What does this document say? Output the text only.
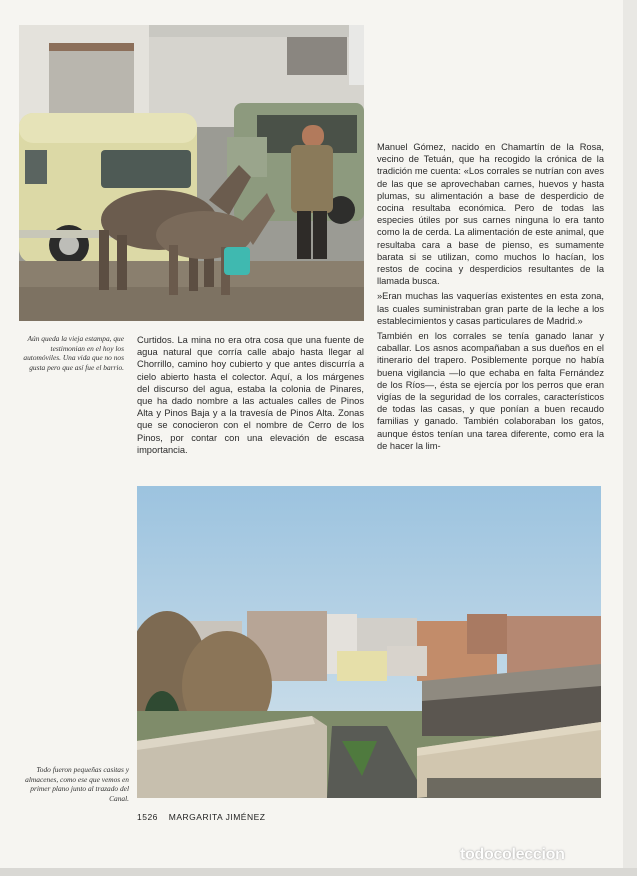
Aún queda la vieja estampa, que testimonian en el hoy los automóviles. Una vida que no nos gusta pero que así fue el barrio.

Curtidos. La mina no era otra cosa que una fuente de agua natural que corría calle abajo hasta llegar al Chorrillo, camino hoy cubierto y que antes discurría a cielo abierto hasta el colector. Aquí, a los márgenes del discurso del agua, estaba la colonia de Pinares, que ha dado nombre a las actuales calles de Pinos Alta y Pinos Baja y a la travesía de Pinos Alta. Zonas que se conocieron con el nombre de Cerro de los Pinos, por contar con una elevación de escasa importancia.

Manuel Gómez, nacido en Chamartín de la Rosa, vecino de Tetuán, que ha recogido la crónica de la tradición me cuenta: «Los corrales se nutrían con aves de las que se aprovechaban carnes, huevos y hasta plumas, su alimentación a base de desperdicio de cocina resultaba económica. Pero de todas las especies útiles por sus carnes ninguna lo era tanto como la de cerda. La alimentación de este animal, que resultaba cara a base de pienso, es sumamente barata si se utilizan, como muchos lo hacían, los restos de cocina y desperdicios resultantes de la llamada busca.

»Eran muchas las vaquerías existentes en esta zona, las cuales suministraban gran parte de la leche a los establecimientos y casas particulares de Madrid.»

También en los corrales se tenía ganado lanar y caballar. Los asnos acompañaban a sus dueños en el itinerario del trapero. Posiblemente porque no había buena vigilancia —lo que echaba en falta Fernández de los Ríos—, ésta se ejercía por los perros que eran vigías de la seguridad de los corrales, característicos de todas las casas, y que ponían a buen recaudo familias y ganado. También colaboraban los gatos, aunque éstos tenían una tarea diferente, como era la de hacer la lim-

Todo fueron pequeñas casitas y almacenes, como ese que vemos en primer plano junto al trazado del Canal.
1526 MARGARITA JIMÉNEZ
todocoleccion
